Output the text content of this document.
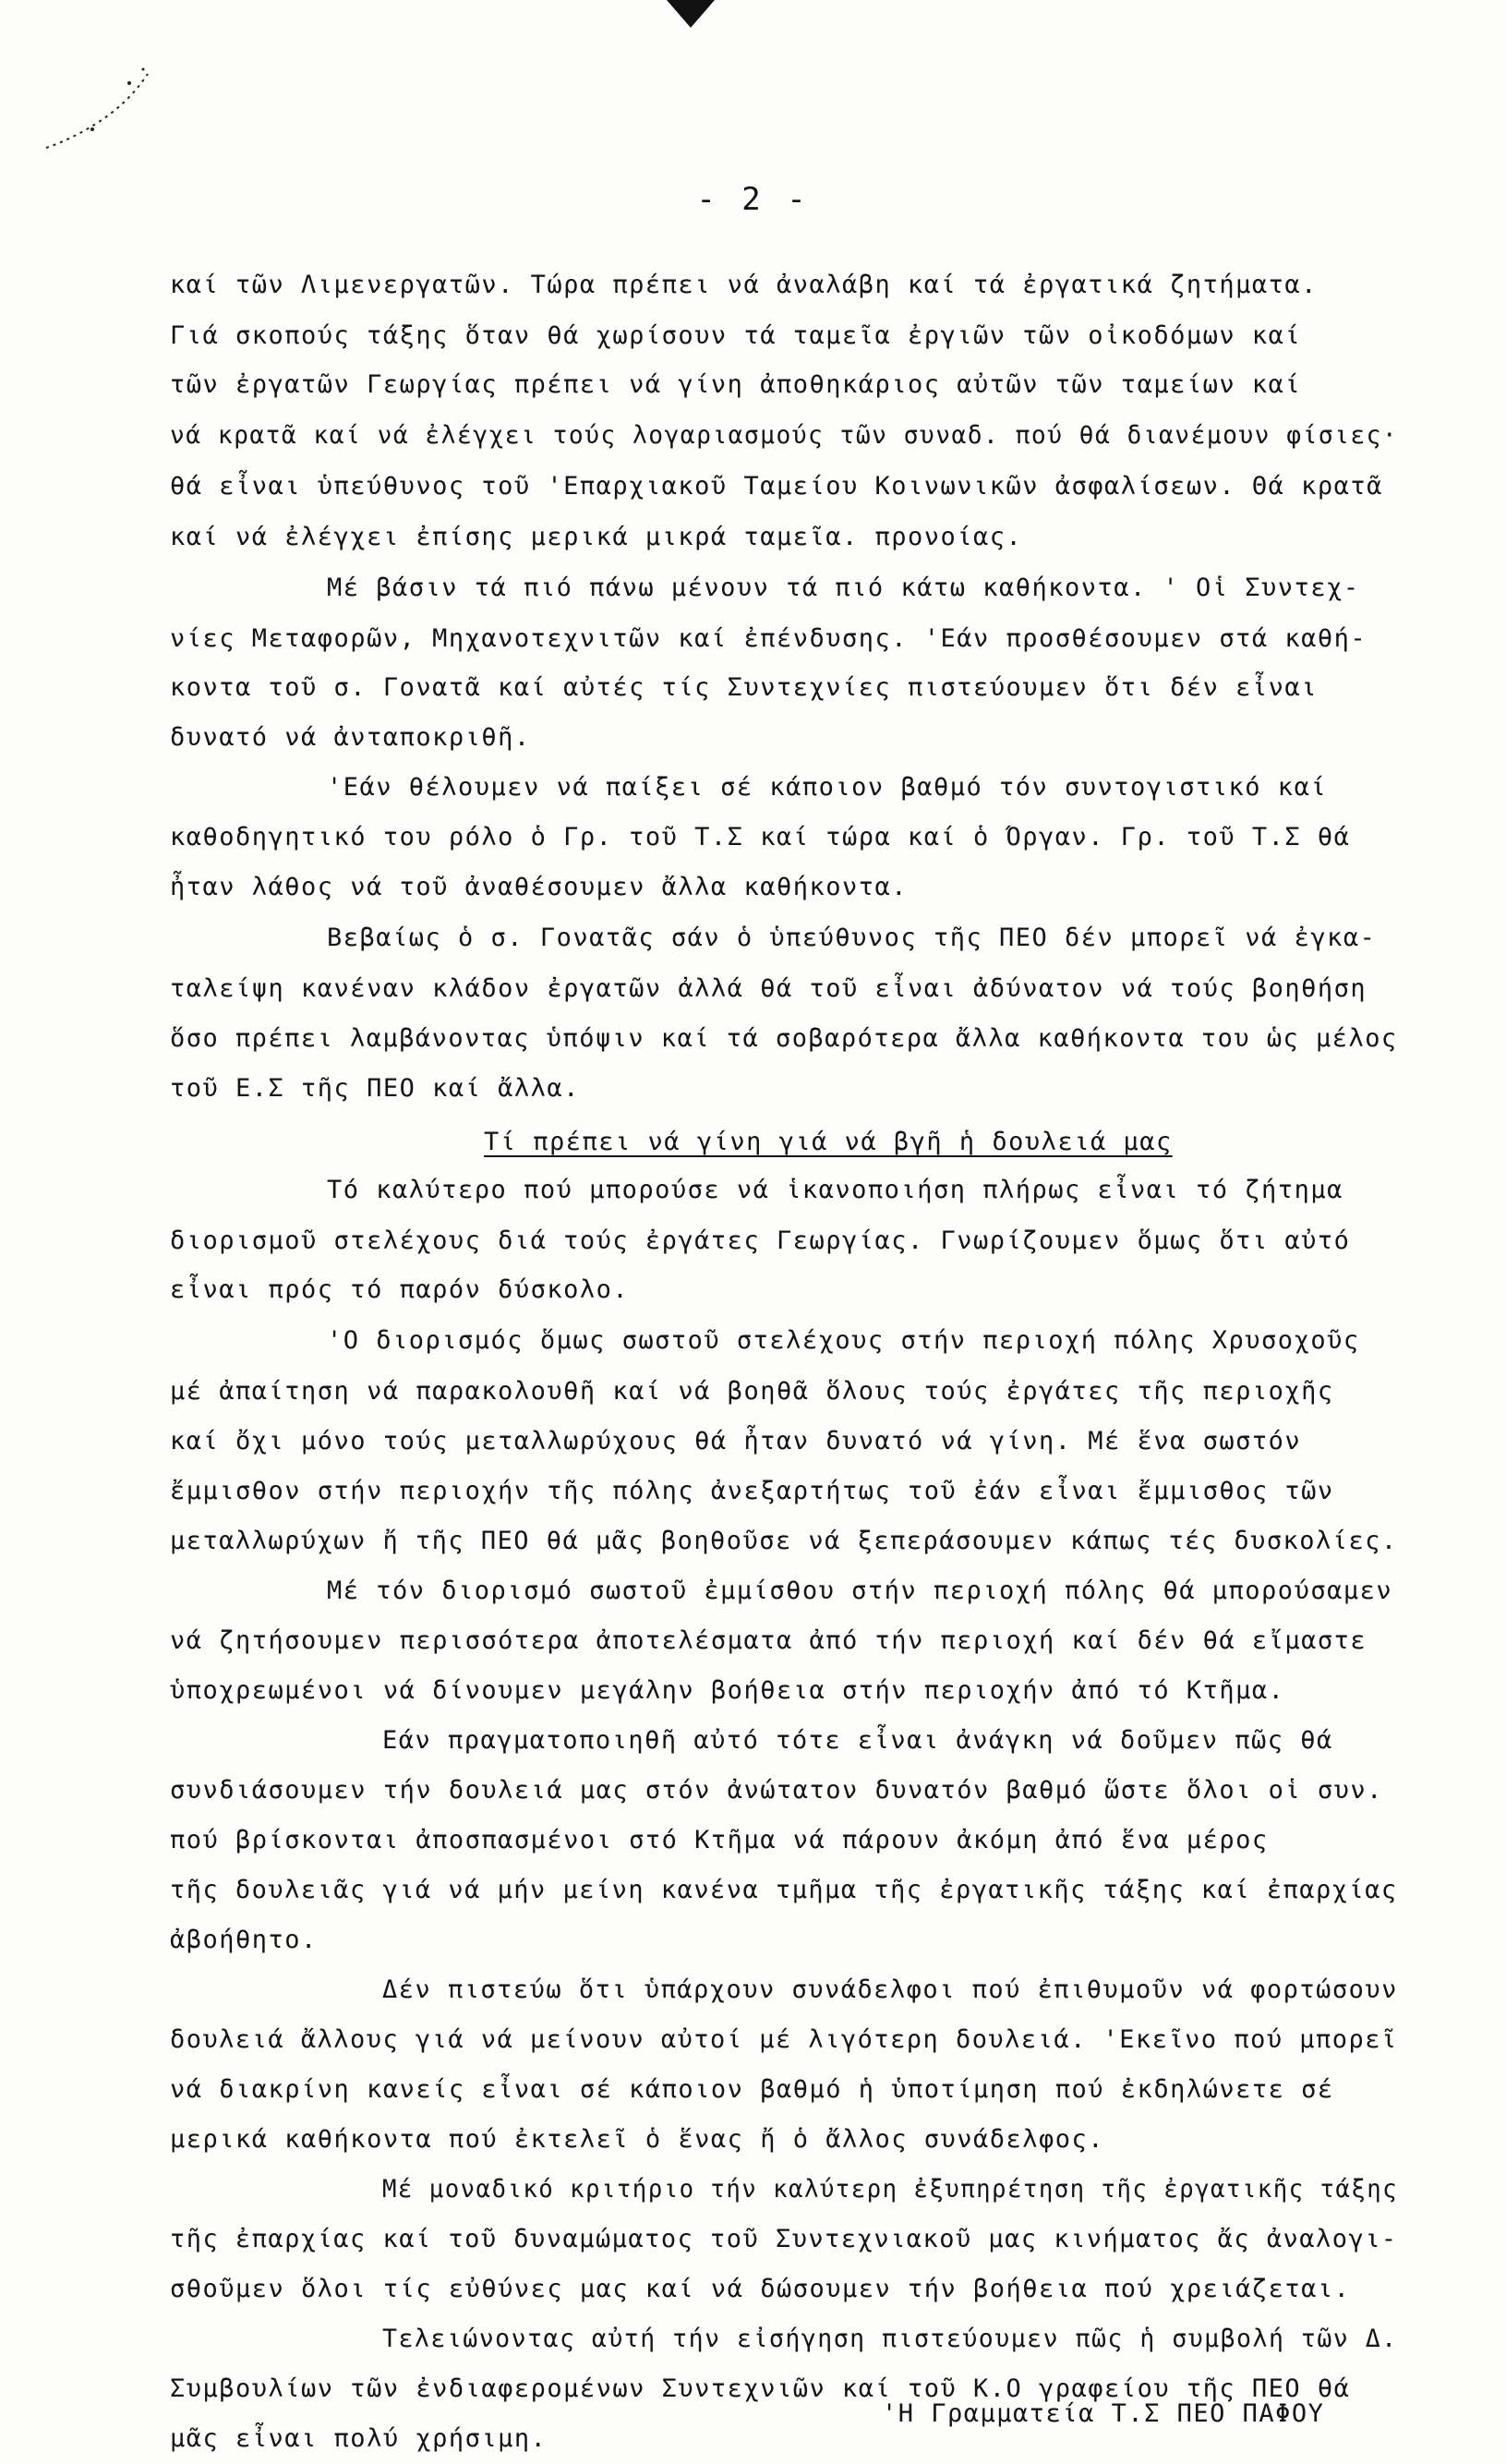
- 2 -
καί τῶν Λιμενεργατῶν. Τώρα πρέπει νά ἀναλάβη καί τά ἐργατικά ζητήματα.
Γιά σκοπούς τάξης ὅταν θά χωρίσουν τά ταμεῖα ἐργιῶν τῶν οἰκοδόμων καί
τῶν ἐργατῶν Γεωργίας πρέπει νά γίνη ἀποθηκάριος αὐτῶν τῶν ταμείων καί
νά κρατᾶ καί νά ἐλέγχει τούς λογαριασμούς τῶν συναδ. πού θά διανέμουν φίσιες·
θά εἶναι ὑπεύθυνος τοῦ 'Επαρχιακοῦ Ταμείου Κοινωνικῶν ἀσφαλίσεων. Θά κρατᾶ
καί νά ἐλέγχει ἐπίσης μερικά μικρά ταμεῖα. προνοίας.
Μέ βάσιν τά πιό πάνω μένουν τά πιό κάτω καθήκοντα. ' Οἱ Συντεχ-
νίες Μεταφορῶν, Μηχανοτεχνιτῶν καί ἐπένδυσης. 'Εάν προσθέσουμεν στά καθή-
κοντα τοῦ σ. Γονατᾶ καί αὐτές τίς Συντεχνίες πιστεύουμεν ὅτι δέν εἶναι
δυνατό νά ἀνταποκριθῆ.
'Εάν θέλουμεν νά παίξει σέ κάποιον βαθμό τόν συντογιστικό καί
καθοδηγητικό του ρόλο ὁ Γρ. τοῦ Τ.Σ καί τώρα καί ὁ Όργαν. Γρ. τοῦ Τ.Σ θά
ἦταν λάθος νά τοῦ ἀναθέσουμεν ἄλλα καθήκοντα.
Βεβαίως ὁ σ. Γονατᾶς σάν ὁ ὑπεύθυνος τῆς ΠΕΟ δέν μπορεῖ νά ἐγκα-
ταλείψη κανέναν κλάδον ἐργατῶν ἀλλά θά τοῦ εἶναι ἀδύνατον νά τούς βοηθήση
ὅσο πρέπει λαμβάνοντας ὑπόψιν καί τά σοβαρότερα ἄλλα καθήκοντα του ὡς μέλος
τοῦ Ε.Σ τῆς ΠΕΟ καί ἄλλα.
Τί πρέπει νά γίνη γιά νά βγῆ ἡ δουλειά μας
Τό καλύτερο πού μπορούσε νά ἱκανοποιήση πλήρως εἶναι τό ζήτημα
διορισμοῦ στελέχους διά τούς ἐργάτες Γεωργίας. Γνωρίζουμεν ὅμως ὅτι αὐτό
εἶναι πρός τό παρόν δύσκολο.
'Ο διορισμός ὅμως σωστοῦ στελέχους στήν περιοχή πόλης Χρυσοχοῦς
μέ ἀπαίτηση νά παρακολουθῆ καί νά βοηθᾶ ὅλους τούς ἐργάτες τῆς περιοχῆς
καί ὄχι μόνο τούς μεταλλωρύχους θά ἦταν δυνατό νά γίνη. Μέ ἕνα σωστόν
ἔμμισθον στήν περιοχήν τῆς πόλης ἀνεξαρτήτως τοῦ ἐάν εἶναι ἔμμισθος τῶν
μεταλλωρύχων ἤ τῆς ΠΕΟ θά μᾶς βοηθοῦσε νά ξεπεράσουμεν κάπως τές δυσκολίες.
Μέ τόν διορισμό σωστοῦ ἐμμίσθου στήν περιοχή πόλης θά μπορούσαμεν
νά ζητήσουμεν περισσότερα ἀποτελέσματα ἀπό τήν περιοχή καί δέν θά εἴμαστε
ὑποχρεωμένοι νά δίνουμεν μεγάλην βοήθεια στήν περιοχήν ἀπό τό Κτῆμα.
Εάν πραγματοποιηθῆ αὐτό τότε εἶναι ἀνάγκη νά δοῦμεν πῶς θά
συνδιάσουμεν τήν δουλειά μας στόν ἀνώτατον δυνατόν βαθμό ὥστε ὅλοι οἱ συν.
πού βρίσκονται ἀποσπασμένοι στό Κτῆμα νά πάρουν ἀκόμη ἀπό ἕνα μέρος
τῆς δουλειᾶς γιά νά μήν μείνη κανένα τμῆμα τῆς ἐργατικῆς τάξης καί ἐπαρχίας
ἀβοήθητο.
Δέν πιστεύω ὅτι ὑπάρχουν συνάδελφοι πού ἐπιθυμοῦν νά φορτώσουν
δουλειά ἄλλους γιά νά μείνουν αὐτοί μέ λιγότερη δουλειά. 'Εκεῖνο πού μπορεῖ
νά διακρίνη κανείς εἶναι σέ κάποιον βαθμό ἡ ὑποτίμηση πού ἐκδηλώνετε σέ
μερικά καθήκοντα πού ἐκτελεῖ ὁ ἕνας ἤ ὁ ἄλλος συνάδελφος.
Μέ μοναδικό κριτήριο τήν καλύτερη ἐξυπηρέτηση τῆς ἐργατικῆς τάξης
τῆς ἐπαρχίας καί τοῦ δυναμώματος τοῦ Συντεχνιακοῦ μας κινήματος ἄς ἀναλογι-
σθοῦμεν ὅλοι τίς εὐθύνες μας καί νά δώσουμεν τήν βοήθεια πού χρειάζεται.
Τελειώνοντας αὐτή τήν εἰσήγηση πιστεύουμεν πῶς ἡ συμβολή τῶν Δ.
Συμβουλίων τῶν ἐνδιαφερομένων Συντεχνιῶν καί τοῦ Κ.Ο γραφείου τῆς ΠΕΟ θά
μᾶς εἶναι πολύ χρήσιμη.
'Η Γραμματεία Τ.Σ ΠΕΟ ΠΑΦΟΥ
